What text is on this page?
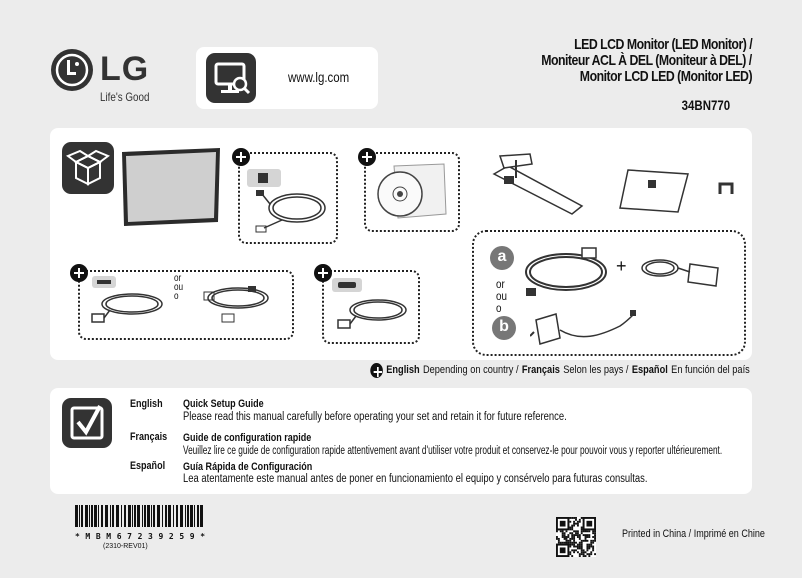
LG
Life's Good
www.lg.com
LED LCD Monitor (LED Monitor) /
Moniteur ACL À DEL (Moniteur à DEL) /
Monitor LCD LED (Monitor LED)
34BN770
or
ou
o
a	+
or
ou
o
b
English Depending on country / Français Selon les pays / Español En función del país
English Quick Setup Guide
Please read this manual carefully before operating your set and retain it for future reference.
Français Guide de configuration rapide
Veuillez lire ce guide de configuration rapide attentivement avant d'utiliser votre produit et conservez-le pour pouvoir vous y reporter ultérieurement.
Español Guía Rápida de Configuración
Lea atentamente este manual antes de poner en funcionamiento el equipo y consérvelo para futuras consultas.
* M B M 6 7 2 3 9 2 5 9 *
(2310-REV01)
Printed in China / Imprimé en Chine
